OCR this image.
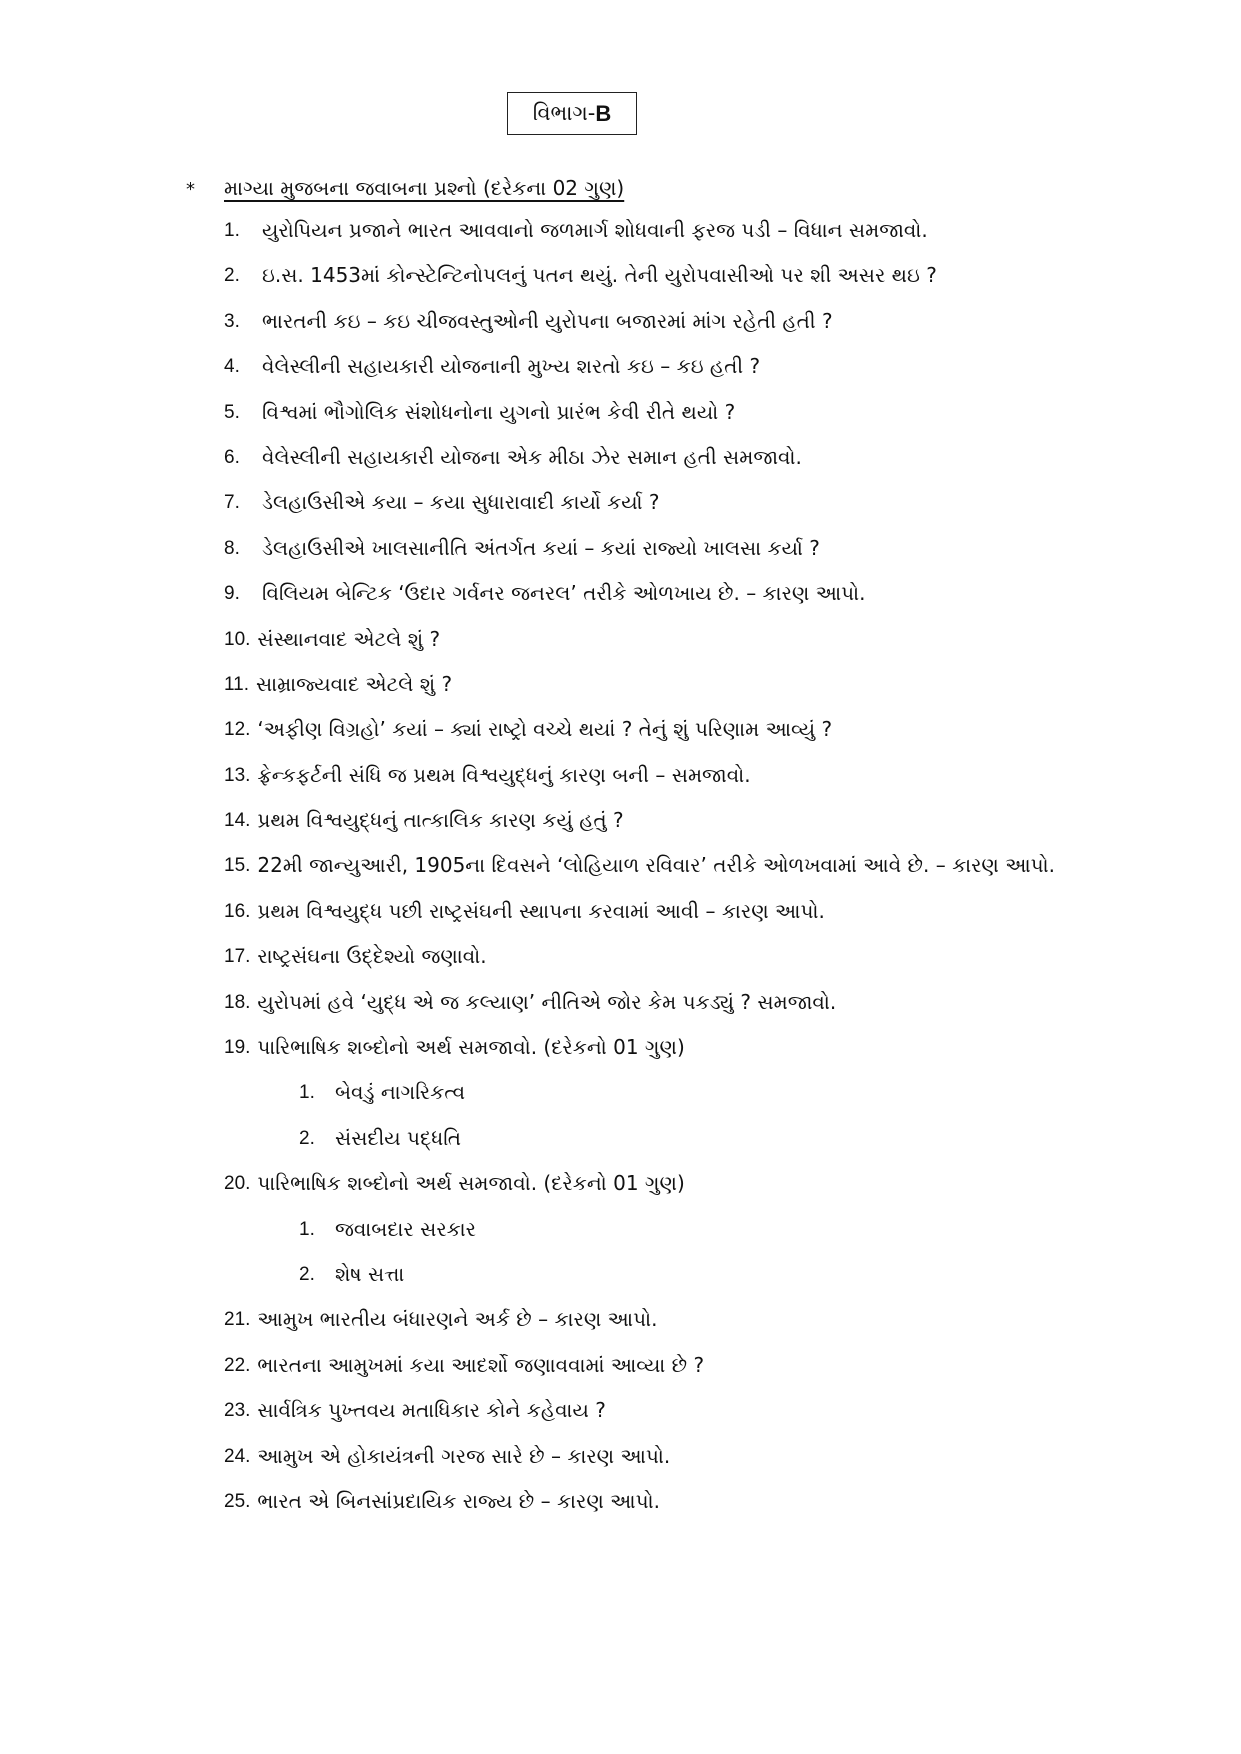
વિભાગ- B
* માગ્યા મુજબના જવાબના પ્રશ્નો (દરેકના 02 ગુણ)
1.	યુરોપિયન પ્રજાને ભારત આવવાનો જળમાર્ગ શોધવાની ફરજ પડી – વિધાન સમજાવો.
2.	ઇ.સ. 1453માં કોન્સ્ટેન્ટિનોપલનું પતન થયું. તેની યુરોપવાસીઓ પર શી અસર થઇ ?
3.	ભારતની કઇ – કઇ ચીજવસ્તુઓની યુરોપના બજારમાં માંગ રહેતી હતી ?
4.	વેલેસ્લીની સહાયકારી યોજનાની મુખ્ય શરતો કઇ – કઇ હતી ?
5.	વિશ્વમાં ભૌગોલિક સંશોધનોના યુગનો પ્રારંભ કેવી રીતે થયો ?
6.	વેલેસ્લીની સહાયકારી યોજના એક મીઠા ઝેર સમાન હતી સમજાવો.
7.	ડેલહાઉસીએ કયા – કયા સુધારાવાદી કાર્યો કર્યા ?
8.	ડેલહાઉસીએ ખાલસાનીતિ અંતર્ગત કયાં – કયાં રાજ્યો ખાલસા કર્યા ?
9.	વિલિયમ બેન્ટિક ‘ઉદાર ગર્વનર જનરલ’ તરીકે ઓળખાય છે. – કારણ આપો.
10. સંસ્થાનવાદ એટલે શું ?
11. સામ્રાજ્યવાદ એટલે શું ?
12. ‘અફીણ વિગ્રહો’ કયાં – ક્યાં રાષ્ટ્રો વચ્ચે થયાં ? તેનું શું પરિણામ આવ્યું ?
13. ફ્રેન્કફર્ટની સંધિ જ પ્રથમ વિશ્વયુદ્ધનું કારણ બની – સમજાવો.
14. પ્રથમ વિશ્વયુદ્ધનું તાત્કાલિક કારણ કયું હતું ?
15. 22મી જાન્યુઆરી, 1905ના દિવસને ‘લોહિયાળ રવિવાર’ તરીકે ઓળખવામાં આવે છે. – કારણ આપો.
16. પ્રથમ વિશ્વયુદ્ધ પછી રાષ્ટ્રસંઘની સ્થાપના કરવામાં આવી – કારણ આપો.
17. રાષ્ટ્રસંઘના ઉદ્દેશ્યો જણાવો.
18. યુરોપમાં હવે ‘યુદ્ધ એ જ કલ્યાણ’ નીતિએ જોર કેમ પકડ્યું ? સમજાવો.
19. પારિભાષિક શબ્દોનો અર્થ સમજાવો. (દરેકનો 01 ગુણ)
1.	બેવડું નાગરિકત્વ
2.	સંસદીય પદ્ધતિ
20. પારિભાષિક શબ્દોનો અર્થ સમજાવો. (દરેકનો 01 ગુણ)
1.	જવાબદાર સરકાર
2.	શેષ સત્તા
21. આમુખ ભારતીય બંધારણને અર્ક છે – કારણ આપો.
22. ભારતના આમુખમાં કયા આદર્શો જણાવવામાં આવ્યા છે ?
23. સાર્વત્રિક પુખ્તવય મતાધિકાર કોને કહેવાય ?
24. આમુખ એ હોકાયંત્રની ગરજ સારે છે – કારણ આપો.
25. ભારત એ બિનસાંપ્રદાયિક રાજ્ય છે – કારણ આપો.
